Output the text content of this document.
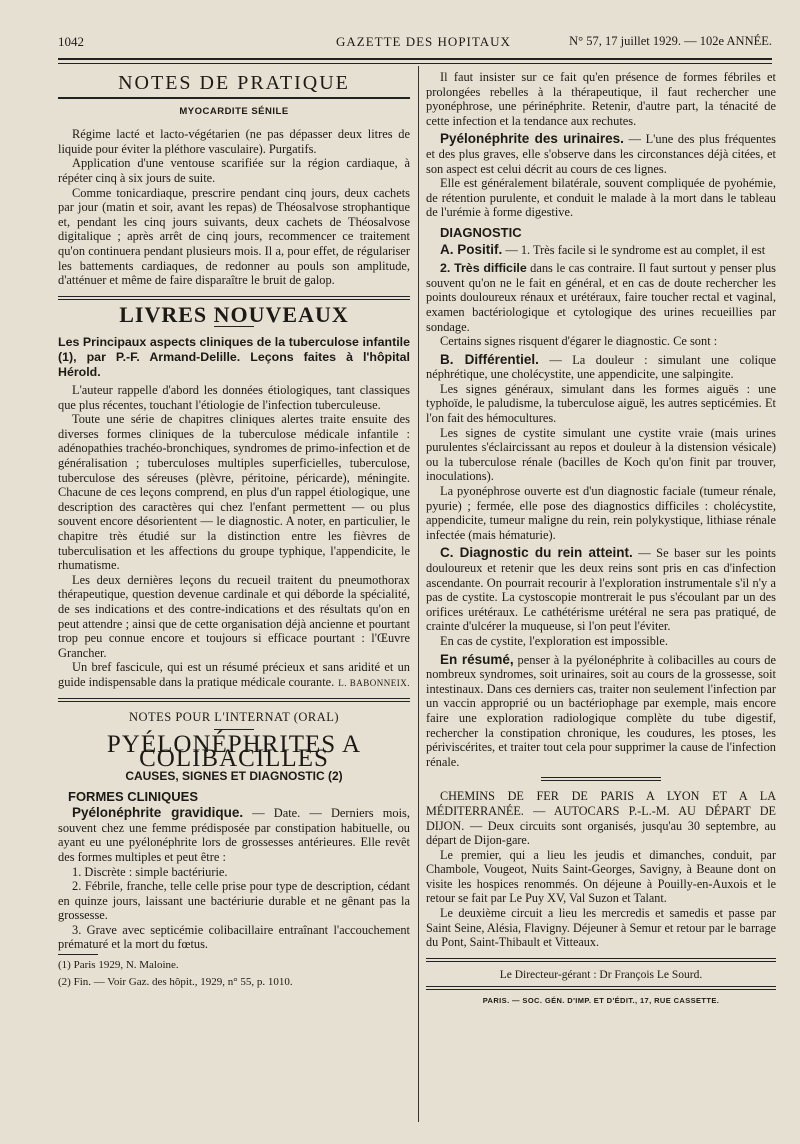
1042	GAZETTE DES HOPITAUX	N° 57, 17 juillet 1929. — 102e ANNÉE.
NOTES DE PRATIQUE
MYOCARDITE SÉNILE

Régime lacté et lacto-végétarien (ne pas dépasser deux litres de liquide pour éviter la pléthore vasculaire). Purgatifs.

Application d'une ventouse scarifiée sur la région cardiaque, à répéter cinq à six jours de suite.

Comme tonicardiaque, prescrire pendant cinq jours, deux cachets par jour (matin et soir, avant les repas) de Théosalvose strophantique et, pendant les cinq jours suivants, deux cachets de Théosalvose digitalique ; après arrêt de cinq jours, recommencer ce traitement qu'on continuera pendant plusieurs mois. Il a, pour effet, de régulariser les battements cardiaques, de redonner au pouls son amplitude, d'atténuer et même de faire disparaître le bruit de galop.

LIVRES NOUVEAUX
Les Principaux aspects cliniques de la tuberculose infantile (1), par P.-F. Armand-Delille. Leçons faites à l'hôpital Hérold.

L'auteur rappelle d'abord les données étiologiques, tant classiques que plus récentes, touchant l'étiologie de l'infection tuberculeuse.

Toute une série de chapitres cliniques alertes traite ensuite des diverses formes cliniques de la tuberculose médicale infantile : adénopathies trachéo-bronchiques, syndromes de primo-infection et de généralisation ; tuberculoses multiples superficielles, tuberculose, tuberculose des séreuses (plèvre, péritoine, péricarde), méningite. Chacune de ces leçons comprend, en plus d'un rappel étiologique, une description des caractères qui chez l'enfant permettent — ou plus souvent encore désorientent — le diagnostic. A noter, en particulier, le chapitre très étudié sur la distinction entre les fièvres de tuberculisation et les affections du groupe typhique, l'appendicite, le rhumatisme.

Les deux dernières leçons du recueil traitent du pneumothorax thérapeutique, question devenue cardinale et qui déborde la spécialité, de ses indications et des contre-indications et des résultats qu'on en peut attendre ; ainsi que de cette organisation déjà ancienne et pourtant trop peu connue encore et toujours si efficace pourtant : l'Œuvre Grancher.

Un bref fascicule, qui est un résumé précieux et sans aridité et un guide indispensable dans la pratique médicale courante. L. BABONNEIX.
NOTES POUR L'INTERNAT (ORAL)
PYÉLONÉPHRITES A COLIBACILLES
CAUSES, SIGNES ET DIAGNOSTIC (2)
FORMES CLINIQUES

Pyélonéphrite gravidique. — Date. — Derniers mois, souvent chez une femme prédisposée par constipation habituelle, ou ayant eu une pyélonéphrite lors de grossesses antérieures. Elle revêt des formes multiples et peut être :

1. Discrète : simple bactériurie.

2. Fébrile, franche, telle celle prise pour type de description, cédant en quinze jours, laissant une bactériurie durable et ne gênant pas la grossesse.

3. Grave avec septicémie colibacillaire entraînant l'accouchement prématuré et la mort du fœtus.

(1) Paris 1929, N. Maloine.
(2) Fin. — Voir Gaz. des hôpit., 1929, n° 55, p. 1010.

Il faut insister sur ce fait qu'en présence de formes fébriles et prolongées rebelles à la thérapeutique, il faut rechercher une pyonéphrose, une périnéphrite. Retenir, d'autre part, la ténacité de cette infection et la tendance aux rechutes.

Pyélonéphrite des urinaires. — L'une des plus fréquentes et des plus graves, elle s'observe dans les circonstances déjà citées, et son aspect est celui décrit au cours de ces lignes.

Elle est généralement bilatérale, souvent compliquée de pyohémie, de rétention purulente, et conduit le malade à la mort dans le tableau de l'urémie à forme digestive.

DIAGNOSTIC

A. Positif. — 1. Très facile si le syndrome est au complet, il est

2. Très difficile dans le cas contraire. Il faut surtout y penser plus souvent qu'on ne le fait en général, et en cas de doute rechercher les points douloureux rénaux et urétéraux, faire toucher rectal et vaginal, examen bactériologique et cytologique des urines recueillies par sondage.

Certains signes risquent d'égarer le diagnostic. Ce sont :

B. Différentiel. — La douleur : simulant une colique néphrétique, une cholécystite, une appendicite, une salpingite.

Les signes généraux, simulant dans les formes aiguës : une typhoïde, le paludisme, la tuberculose aiguë, les autres septicémies. Et l'on fait des hémocultures.

Les signes de cystite simulant une cystite vraie (mais urines purulentes s'éclaircissant au repos et douleur à la distension vésicale) ou la tuberculose rénale (bacilles de Koch qu'on finit par trouver, inoculations).

La pyonéphrose ouverte est d'un diagnostic faciale (tumeur rénale, pyurie) ; fermée, elle pose des diagnostics difficiles : cholécystite, appendicite, tumeur maligne du rein, rein polykystique, lithiase rénale infectée (mais hématurie).

C. Diagnostic du rein atteint. — Se baser sur les points douloureux et retenir que les deux reins sont pris en cas d'infection ascendante. On pourrait recourir à l'exploration instrumentale s'il n'y a pas de cystite. La cystoscopie montrerait le pus s'écoulant par un des orifices urétéraux. Le cathétérisme urétéral ne sera pas pratiqué, de crainte d'ulcérer la muqueuse, si l'on peut l'éviter.

En cas de cystite, l'exploration est impossible.

En résumé, penser à la pyélonéphrite à colibacilles au cours de nombreux syndromes, soit urinaires, soit au cours de la grossesse, soit intestinaux. Dans ces derniers cas, traiter non seulement l'infection par un vaccin approprié ou un bactériophage par exemple, mais encore faire une exploration radiologique complète du tube digestif, rechercher la constipation chronique, les coudures, les ptoses, les périviscérites, et traiter tout cela pour supprimer la cause de l'infection rénale.

CHEMINS DE FER DE PARIS A LYON ET A LA MÉDITERRANÉE. — AUTOCARS P.-L.-M. AU DÉPART DE DIJON. — Deux circuits sont organisés, jusqu'au 30 septembre, au départ de Dijon-gare.

Le premier, qui a lieu les jeudis et dimanches, conduit, par Chambole, Vougeot, Nuits Saint-Georges, Savigny, à Beaune dont on visite les hospices renommés. On déjeune à Pouilly-en-Auxois et le retour se fait par Le Puy XV, Val Suzon et Talant.

Le deuxième circuit a lieu les mercredis et samedis et passe par Saint Seine, Alésia, Flavigny. Déjeuner à Semur et retour par le barrage du Pont, Saint-Thibault et Vitteaux.

Le Directeur-gérant : Dr François Le Sourd.
PARIS. — SOC. GÉN. D'IMP. ET D'ÉDIT., 17, RUE CASSETTE.
